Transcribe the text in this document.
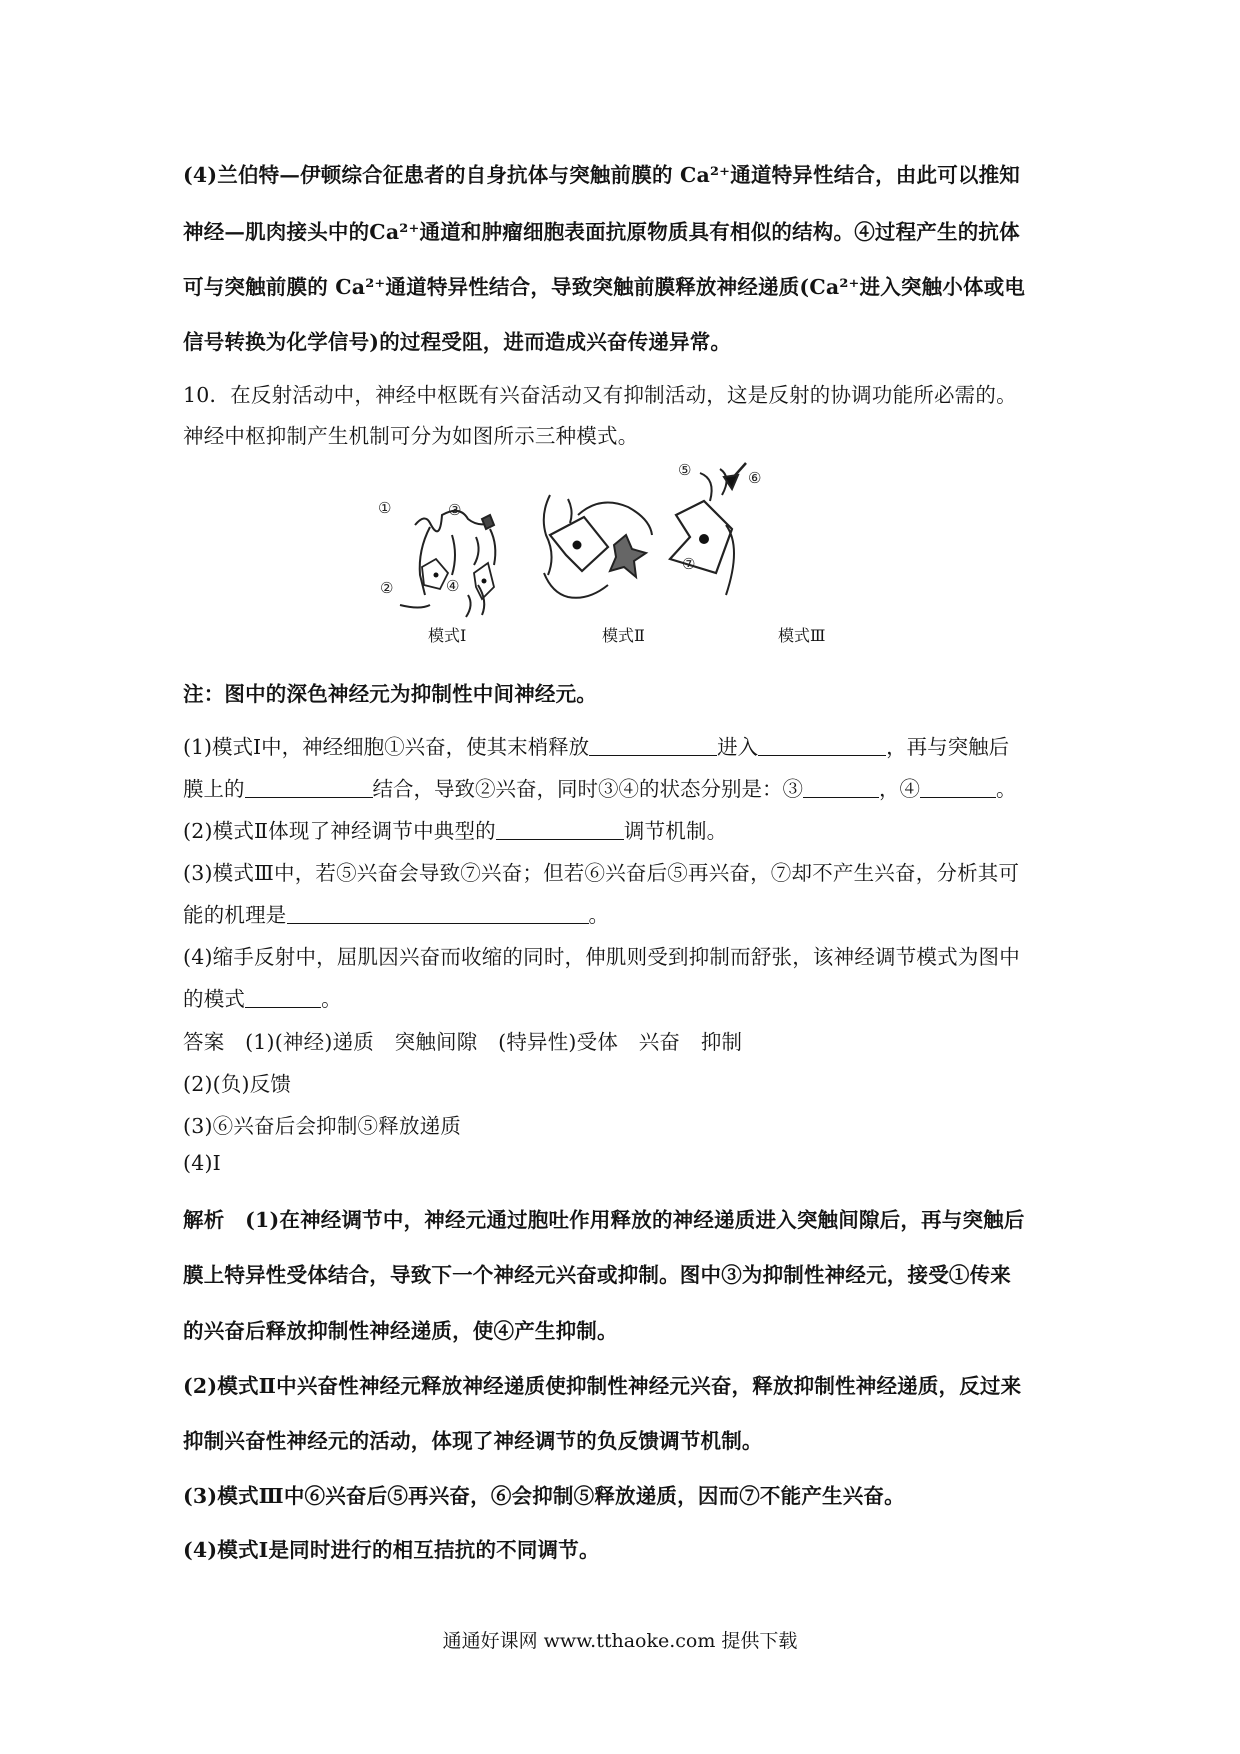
(4)兰伯特—伊顿综合征患者的自身抗体与突触前膜的 Ca²⁺通道特异性结合，由此可以推知
神经—肌肉接头中的Ca²⁺通道和肿瘤细胞表面抗原物质具有相似的结构。④过程产生的抗体
可与突触前膜的 Ca²⁺通道特异性结合，导致突触前膜释放神经递质(Ca²⁺进入突触小体或电
信号转换为化学信号)的过程受阻，进而造成兴奋传递异常。
10．在反射活动中，神经中枢既有兴奋活动又有抑制活动，这是反射的协调功能所必需的。
神经中枢抑制产生机制可分为如图所示三种模式。
①
②
③
④
⑤	⑥
⑦
模式Ⅰ	模式Ⅱ	模式Ⅲ
注：图中的深色神经元为抑制性中间神经元。
(1)模式Ⅰ中，神经细胞①兴奋，使其末梢释放	进入	，再与突触后
膜上的	结合，导致②兴奋，同时③④的状态分别是：③	，④	。
(2)模式Ⅱ体现了神经调节中典型的	调节机制。
(3)模式Ⅲ中，若⑤兴奋会导致⑦兴奋；但若⑥兴奋后⑤再兴奋，⑦却不产生兴奋，分析其可
能的机理是	。
(4)缩手反射中，屈肌因兴奋而收缩的同时，伸肌则受到抑制而舒张，该神经调节模式为图中
的模式	。
答案　(1)(神经)递质　突触间隙　(特异性)受体　兴奋　抑制
(2)(负)反馈
(3)⑥兴奋后会抑制⑤释放递质
(4)Ⅰ
解析　(1)在神经调节中，神经元通过胞吐作用释放的神经递质进入突触间隙后，再与突触后
膜上特异性受体结合，导致下一个神经元兴奋或抑制。图中③为抑制性神经元，接受①传来
的兴奋后释放抑制性神经递质，使④产生抑制。
(2)模式Ⅱ中兴奋性神经元释放神经递质使抑制性神经元兴奋，释放抑制性神经递质，反过来
抑制兴奋性神经元的活动，体现了神经调节的负反馈调节机制。
(3)模式Ⅲ中⑥兴奋后⑤再兴奋，⑥会抑制⑤释放递质，因而⑦不能产生兴奋。
(4)模式Ⅰ是同时进行的相互拮抗的不同调节。
通通好课网 www.tthaoke.com 提供下载
